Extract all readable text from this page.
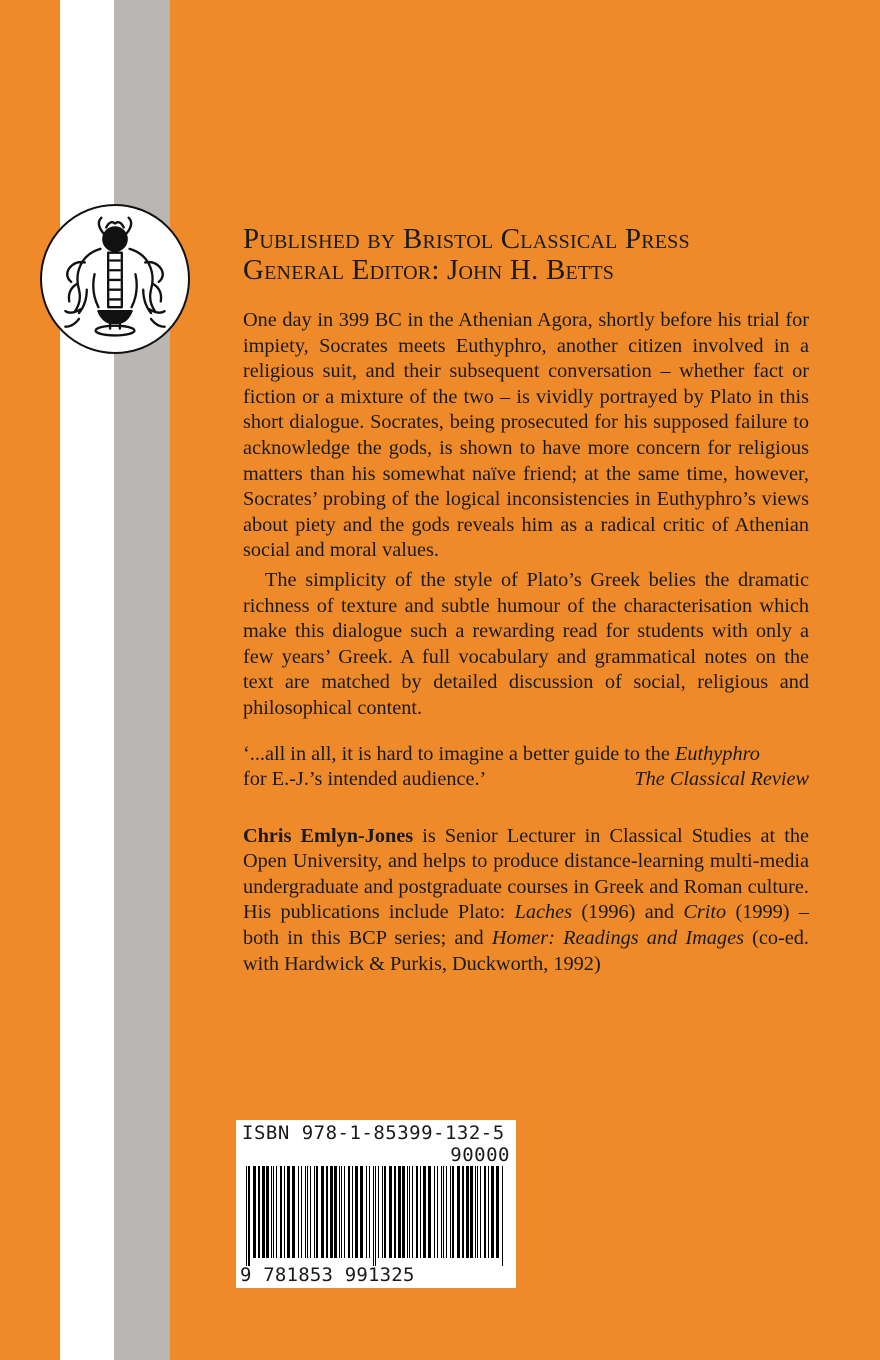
Published by Bristol Classical Press
General Editor: John H. Betts

One day in 399 BC in the Athenian Agora, shortly before his trial for impiety, Socrates meets Euthyphro, another citizen involved in a religious suit, and their subsequent conversation – whether fact or fiction or a mixture of the two – is vividly portrayed by Plato in this short dialogue. Socrates, being prosecuted for his supposed failure to acknowledge the gods, is shown to have more concern for religious matters than his somewhat naïve friend; at the same time, however, Socrates’ probing of the logical inconsistencies in Euthyphro’s views about piety and the gods reveals him as a radical critic of Athenian social and moral values.

The simplicity of the style of Plato’s Greek belies the dramatic richness of texture and subtle humour of the characterisation which make this dialogue such a rewarding read for students with only a few years’ Greek. A full vocabulary and grammatical notes on the text are matched by detailed discussion of social, religious and philosophical content.

‘...all in all, it is hard to imagine a better guide to the Euthyphro
for E.-J.’s intended audience.’	The Classical Review

Chris Emlyn-Jones is Senior Lecturer in Classical Studies at the Open University, and helps to produce distance-learning multi-media undergraduate and postgraduate courses in Greek and Roman culture. His publications include Plato: Laches (1996) and Crito (1999) – both in this BCP series; and Homer: Readings and Images (co-ed. with Hardwick & Purkis, Duckworth, 1992)

ISBN 978-1-85399-132-5
90000
9 781853 991325
